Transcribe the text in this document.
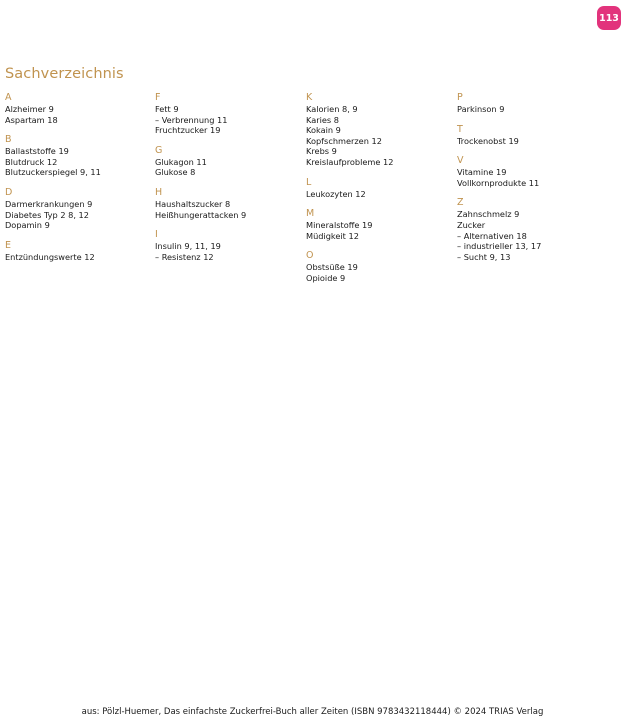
113
Sachverzeichnis
A
Alzheimer 9
Aspartam 18
B
Ballaststoffe 19
Blutdruck 12
Blutzuckerspiegel 9, 11
D
Darmerkrankungen 9
Diabetes Typ 2 8, 12
Dopamin 9
E
Entzündungswerte 12
F
Fett 9
– Verbrennung 11
Fruchtzucker 19
G
Glukagon 11
Glukose 8
H
Haushaltszucker 8
Heißhungerattacken 9
I
Insulin 9, 11, 19
– Resistenz 12
K
Kalorien 8, 9
Karies 8
Kokain 9
Kopfschmerzen 12
Krebs 9
Kreislaufprobleme 12
L
Leukozyten 12
M
Mineralstoffe 19
Müdigkeit 12
O
Obstsüße 19
Opioide 9
P
Parkinson 9
T
Trockenobst 19
V
Vitamine 19
Vollkornprodukte 11
Z
Zahnschmelz 9
Zucker
– Alternativen 18
– industrieller 13, 17
– Sucht 9, 13
aus: Pölzl-Huemer, Das einfachste Zuckerfrei-Buch aller Zeiten (ISBN 9783432118444) © 2024 TRIAS Verlag
